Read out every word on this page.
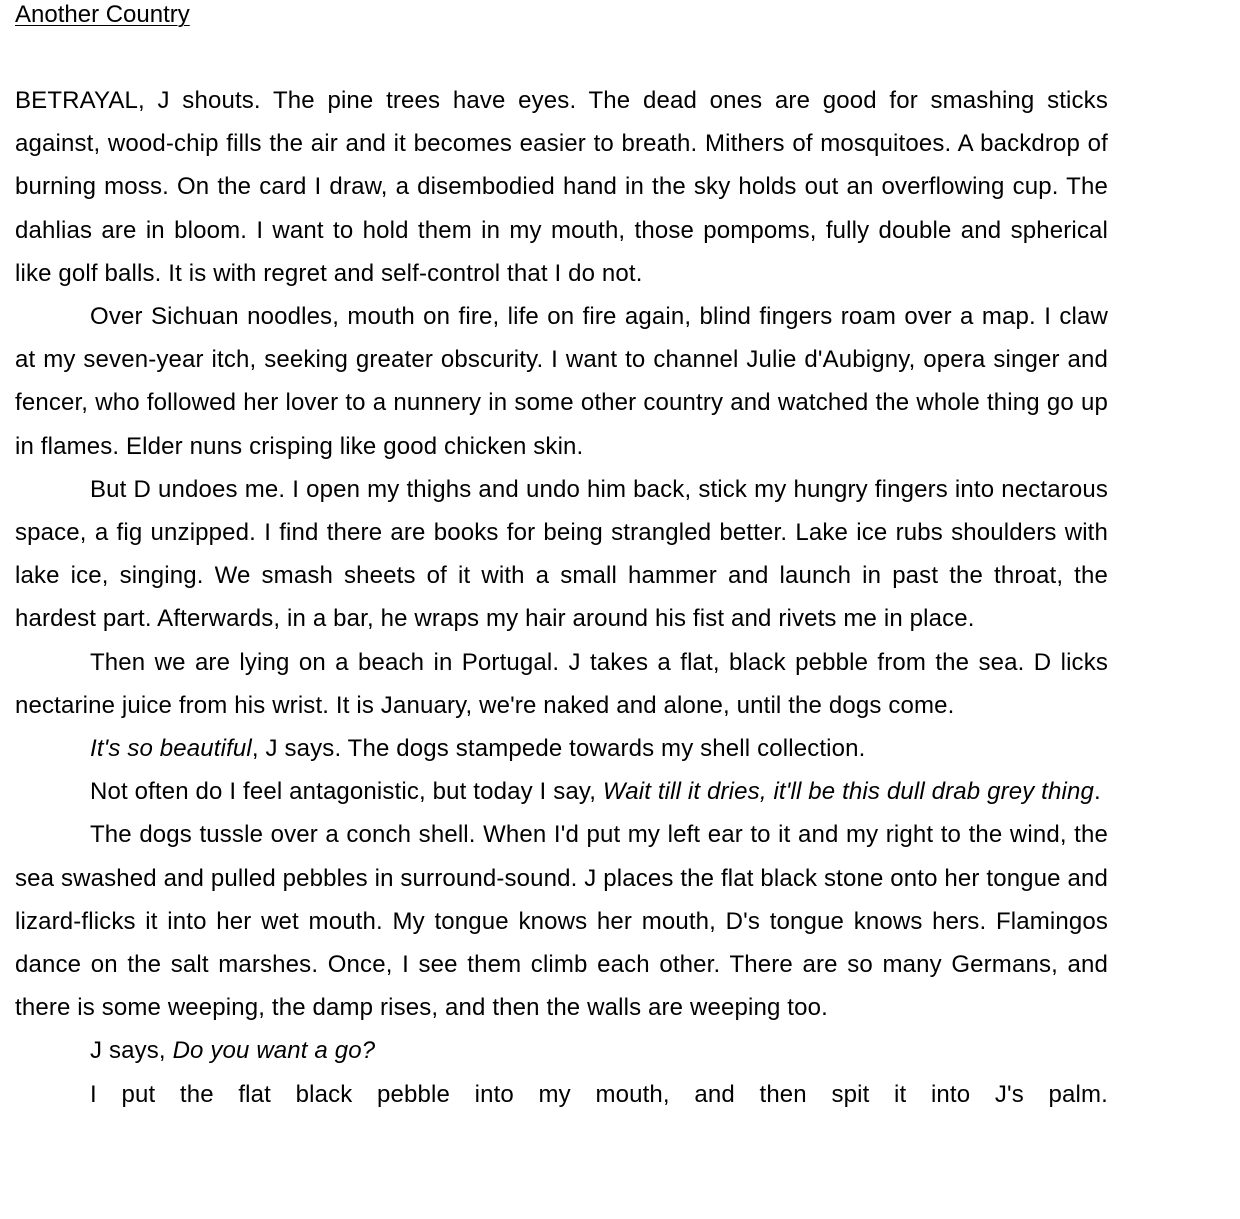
Another Country

BETRAYAL, J shouts. The pine trees have eyes. The dead ones are good for smashing sticks against, wood-chip fills the air and it becomes easier to breath. Mithers of mosquitoes. A backdrop of burning moss. On the card I draw, a disembodied hand in the sky holds out an overflowing cup. The dahlias are in bloom. I want to hold them in my mouth, those pompoms, fully double and spherical like golf balls. It is with regret and self-control that I do not.

Over Sichuan noodles, mouth on fire, life on fire again, blind fingers roam over a map. I claw at my seven-year itch, seeking greater obscurity. I want to channel Julie d'Aubigny, opera singer and fencer, who followed her lover to a nunnery in some other country and watched the whole thing go up in flames. Elder nuns crisping like good chicken skin.

But D undoes me. I open my thighs and undo him back, stick my hungry fingers into nectarous space, a fig unzipped. I find there are books for being strangled better. Lake ice rubs shoulders with lake ice, singing. We smash sheets of it with a small hammer and launch in past the throat, the hardest part. Afterwards, in a bar, he wraps my hair around his fist and rivets me in place.

Then we are lying on a beach in Portugal. J takes a flat, black pebble from the sea. D licks nectarine juice from his wrist. It is January, we're naked and alone, until the dogs come.

It's so beautiful, J says. The dogs stampede towards my shell collection.

Not often do I feel antagonistic, but today I say, Wait till it dries, it'll be this dull drab grey thing.

The dogs tussle over a conch shell. When I'd put my left ear to it and my right to the wind, the sea swashed and pulled pebbles in surround-sound. J places the flat black stone onto her tongue and lizard-flicks it into her wet mouth. My tongue knows her mouth, D's tongue knows hers. Flamingos dance on the salt marshes. Once, I see them climb each other. There are so many Germans, and there is some weeping, the damp rises, and then the walls are weeping too.

J says, Do you want a go?

I put the flat black pebble into my mouth, and then spit it into J's palm.
